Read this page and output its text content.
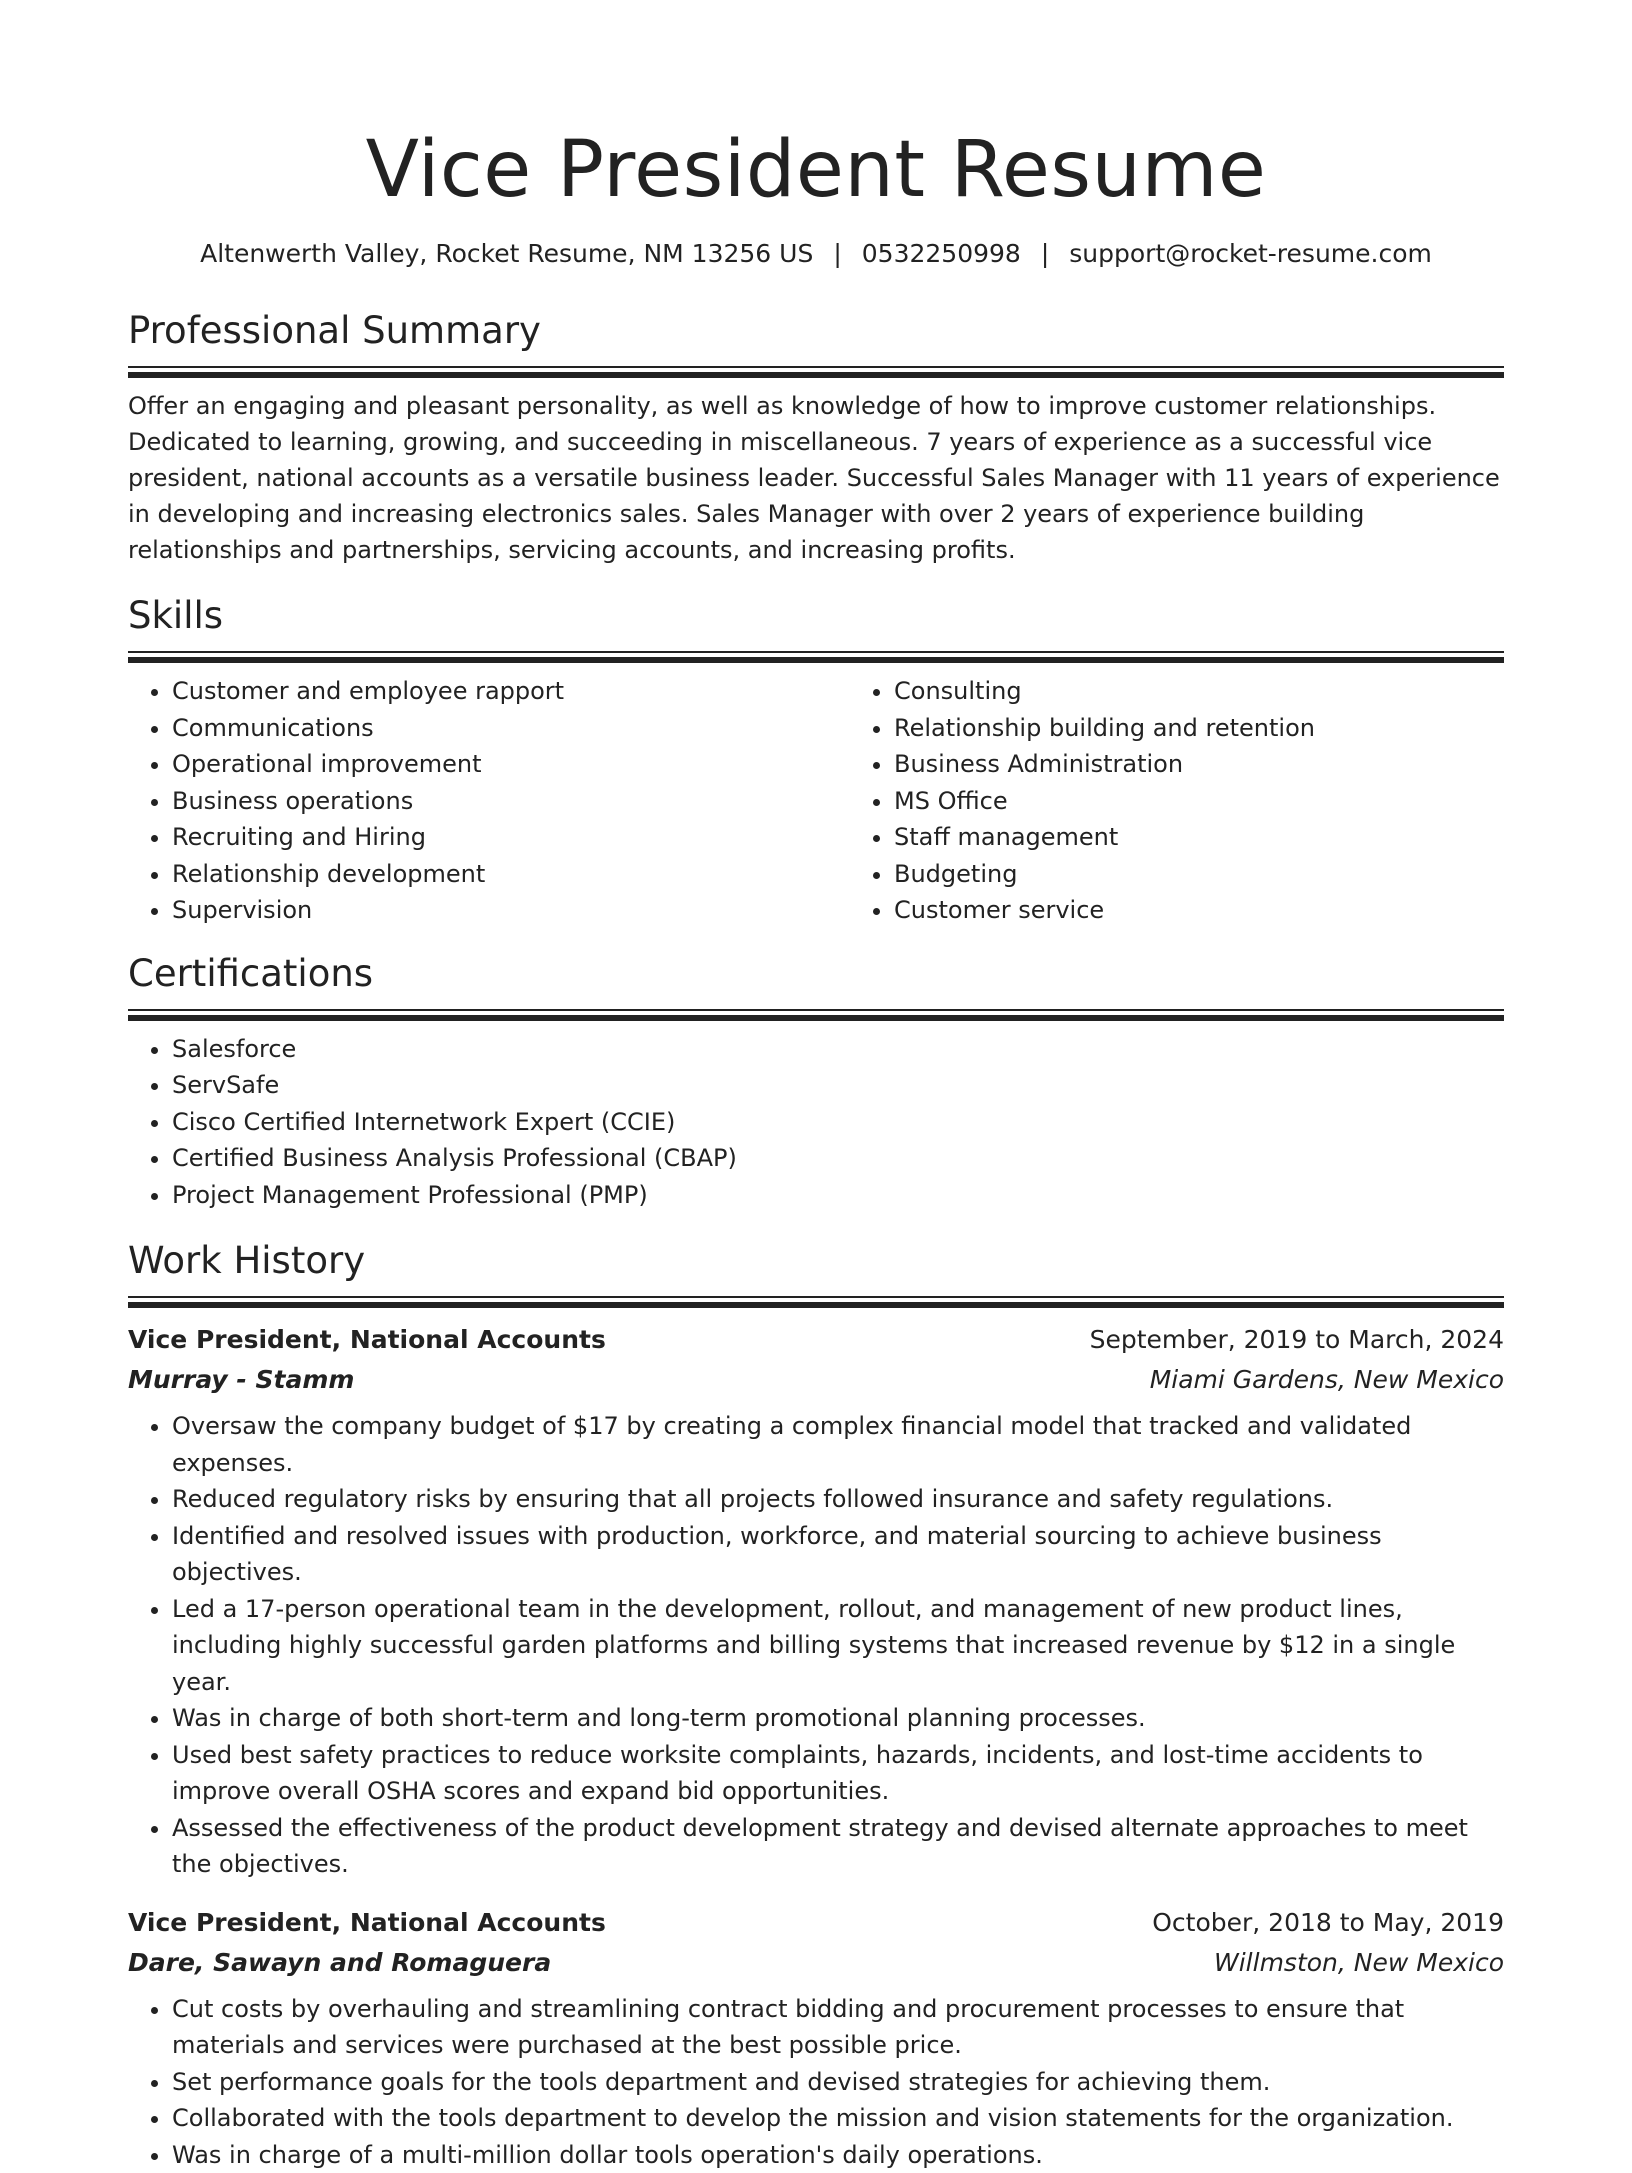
Vice President Resume
Altenwerth Valley, Rocket Resume, NM 13256 US | 0532250998 | support@rocket-resume.com
Professional Summary

Offer an engaging and pleasant personality, as well as knowledge of how to improve customer relationships. Dedicated to learning, growing, and succeeding in miscellaneous. 7 years of experience as a successful vice president, national accounts as a versatile business leader. Successful Sales Manager with 11 years of experience in developing and increasing electronics sales. Sales Manager with over 2 years of experience building relationships and partnerships, servicing accounts, and increasing profits.

Skills
• Customer and employee rapport
• Communications
• Operational improvement
• Business operations
• Recruiting and Hiring
• Relationship development
• Supervision
• Consulting
• Relationship building and retention
• Business Administration
• MS Office
• Staff management
• Budgeting
• Customer service
Certifications
• Salesforce
• ServSafe
• Cisco Certified Internetwork Expert (CCIE)
• Certified Business Analysis Professional (CBAP)
• Project Management Professional (PMP)
Work History
Vice President, National Accounts	September, 2019 to March, 2024
Murray - Stamm	Miami Gardens, New Mexico
• Oversaw the company budget of $17 by creating a complex financial model that tracked and validated expenses.
• Reduced regulatory risks by ensuring that all projects followed insurance and safety regulations.
• Identified and resolved issues with production, workforce, and material sourcing to achieve business objectives.
• Led a 17-person operational team in the development, rollout, and management of new product lines, including highly successful garden platforms and billing systems that increased revenue by $12 in a single year.
• Was in charge of both short-term and long-term promotional planning processes.
• Used best safety practices to reduce worksite complaints, hazards, incidents, and lost-time accidents to improve overall OSHA scores and expand bid opportunities.
• Assessed the effectiveness of the product development strategy and devised alternate approaches to meet the objectives.
Vice President, National Accounts	October, 2018 to May, 2019
Dare, Sawayn and Romaguera	Willmston, New Mexico
• Cut costs by overhauling and streamlining contract bidding and procurement processes to ensure that materials and services were purchased at the best possible price.
• Set performance goals for the tools department and devised strategies for achieving them.
• Collaborated with the tools department to develop the mission and vision statements for the organization.
• Was in charge of a multi-million dollar tools operation's daily operations.
